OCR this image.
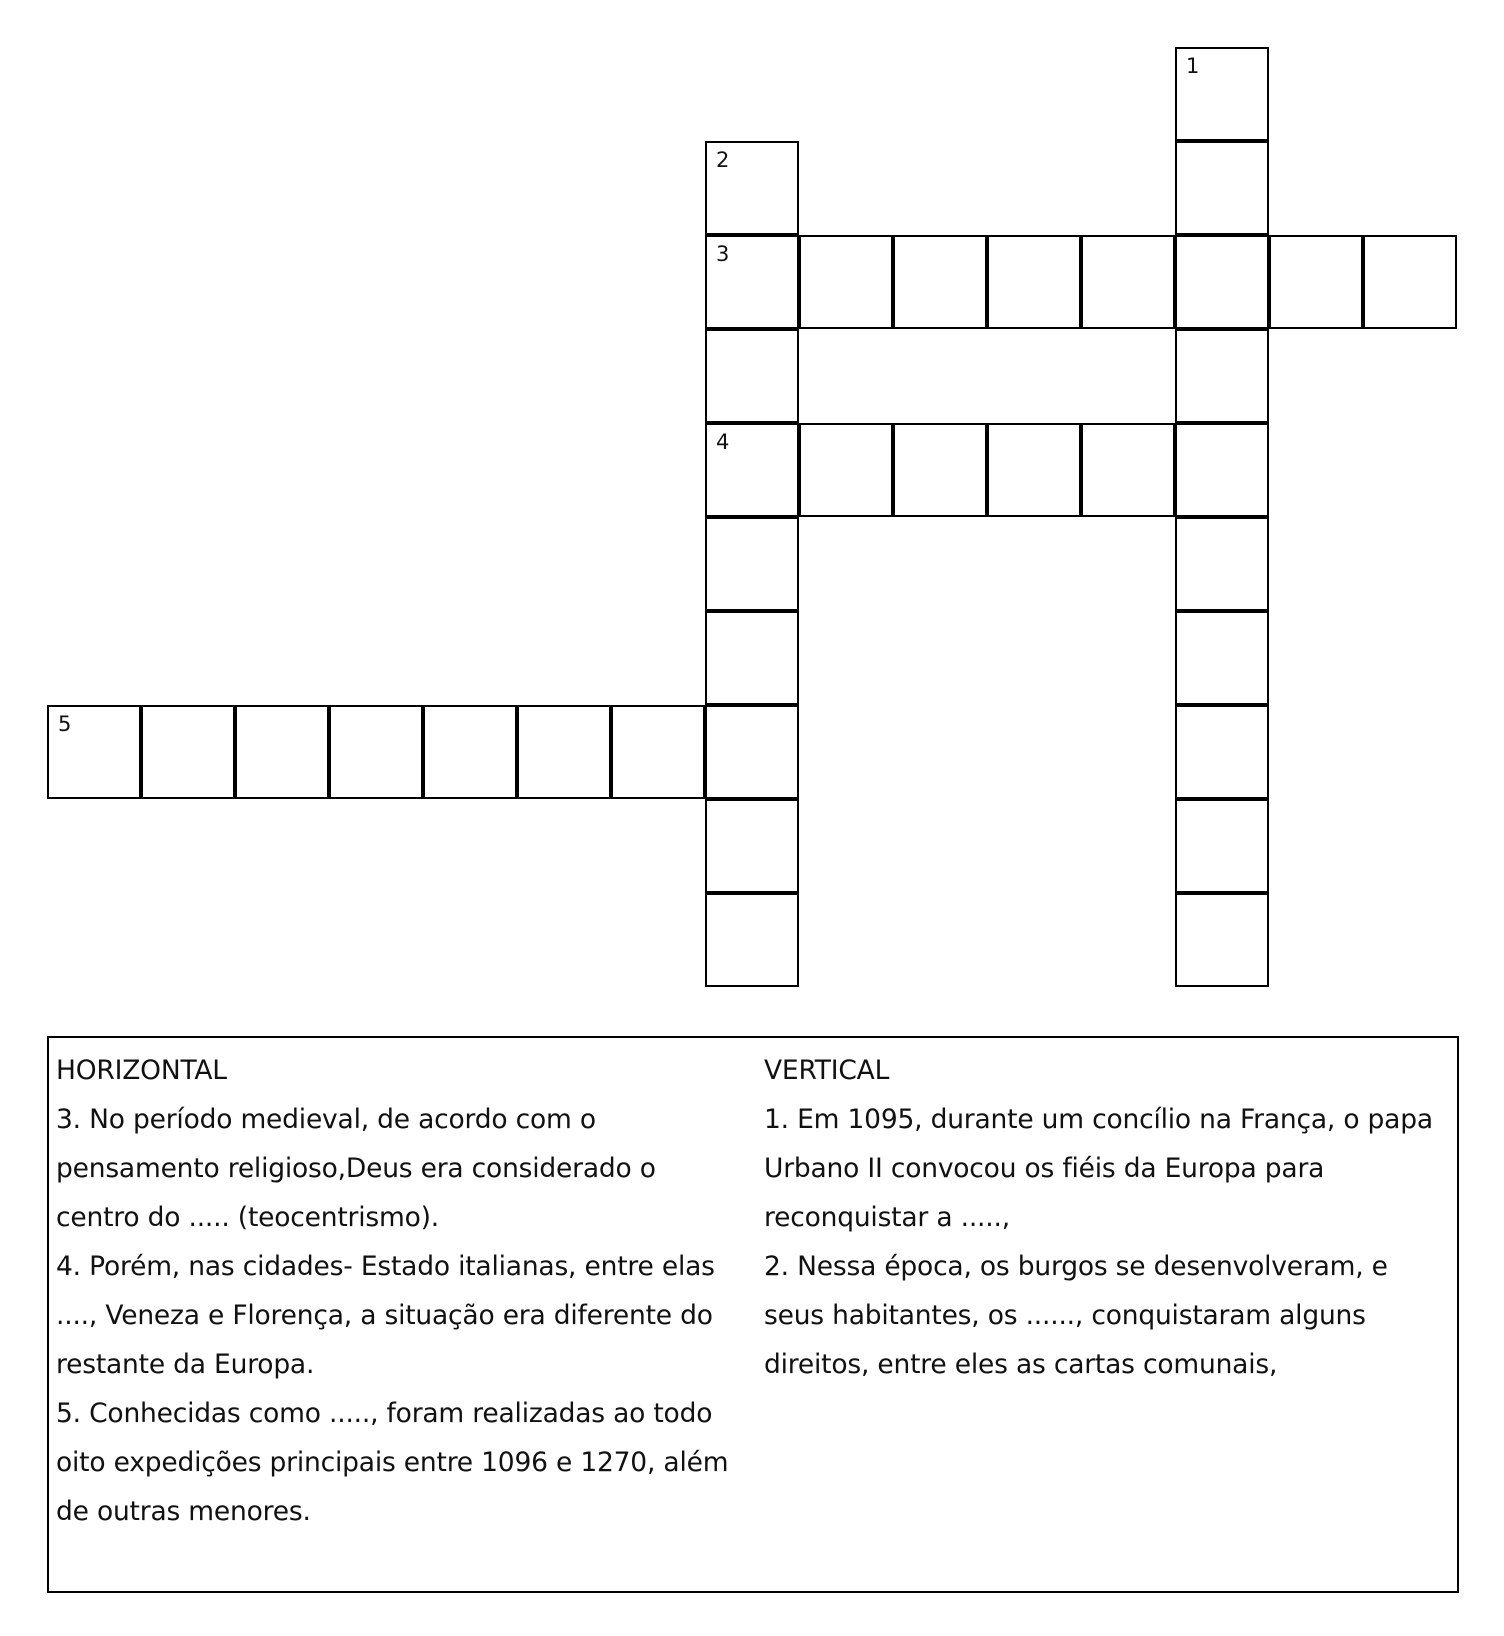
1
2
3
4
5
HORIZONTAL
3 . No período medieval, de acordo com o pensamento religioso,Deus era considerado o centro do ..... (teocentrismo).
4 . Porém, nas cidades- Estado italianas, entre elas ...., Veneza e Florença, a situação era diferente do restante da Europa.
5 . Conhecidas como ....., foram realizadas ao todo oito expedições principais entre 1096 e 1270, além de outras menores.
VERTICAL
1 . Em 1095, durante um concílio na França, o papa Urbano II convocou os fiéis da Europa para reconquistar a .....,
2 . Nessa época, os burgos se desenvolveram, e seus habitantes, os ......, conquistaram alguns direitos, entre eles as cartas comunais,
